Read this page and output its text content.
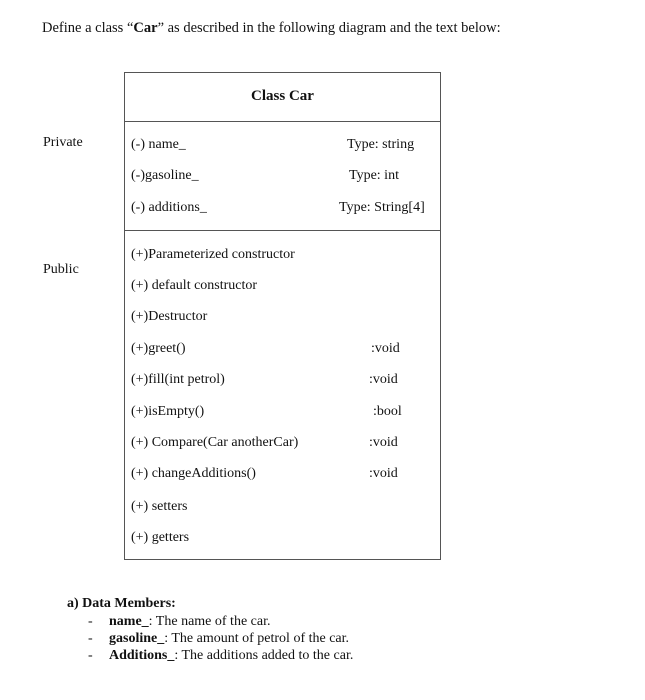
Define a class “Car” as described in the following diagram and the text below:
Private
Public
Class Car
(-) name_	Type: string
(-)gasoline_	Type: int
(-) additions_	Type: String[4]
(+)Parameterized constructor
(+) default constructor
(+)Destructor
(+)greet()	:void
(+)fill(int petrol)	:void
(+)isEmpty()	:bool
(+) Compare(Car anotherCar)	:void
(+) changeAdditions()	:void
(+) setters
(+) getters
a) Data Members:
- name_: The name of the car.
- gasoline_: The amount of petrol of the car.
- Additions_: The additions added to the car.
